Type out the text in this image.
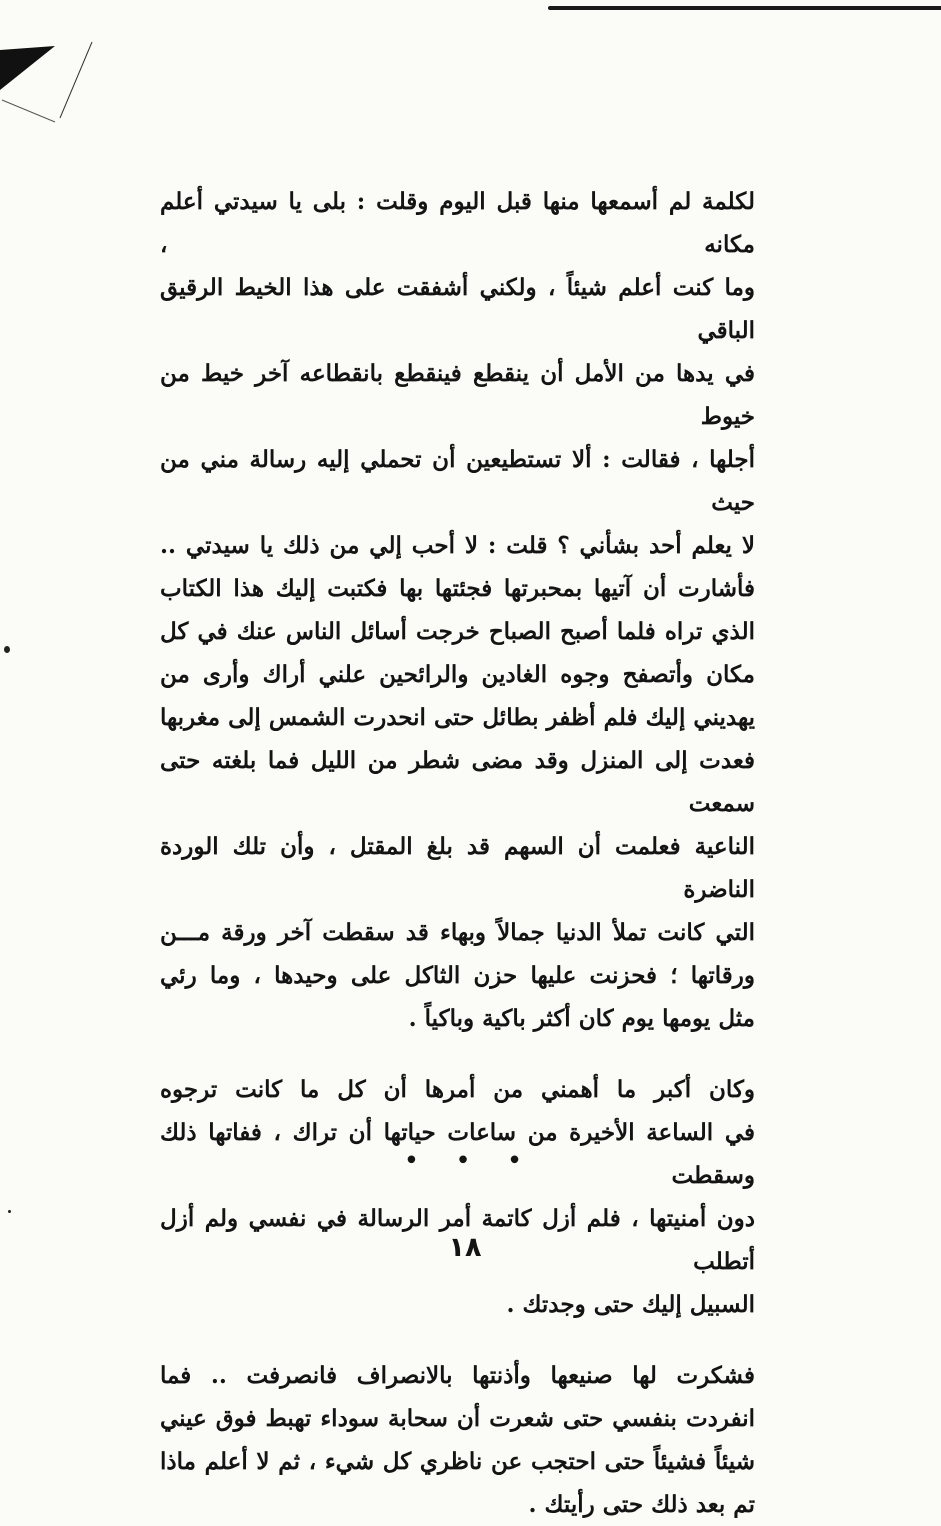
لكلمة لم أسمعها منها قبل اليوم وقلت : بلى يا سيدتي أعلم مكانه ،
وما كنت أعلم شيئاً ، ولكني أشفقت على هذا الخيط الرقيق الباقي
في يدها من الأمل أن ينقطع فينقطع بانقطاعه آخر خيط من خيوط
أجلها ، فقالت : ألا تستطيعين أن تحملي إليه رسالة مني من حيث
لا يعلم أحد بشأني ؟ قلت : لا أحب إلي من ذلك يا سيدتي ..
فأشارت أن آتيها بمحبرتها فجئتها بها فكتبت إليك هذا الكتاب
الذي تراه فلما أصبح الصباح خرجت أسائل الناس عنك في كل
مكان وأتصفح وجوه الغادين والرائحين علني أراك وأرى من
يهديني إليك فلم أظفر بطائل حتى انحدرت الشمس إلى مغربها
فعدت إلى المنزل وقد مضى شطر من الليل فما بلغته حتى سمعت
الناعية فعلمت أن السهم قد بلغ المقتل ، وأن تلك الوردة الناضرة
التي كانت تملأ الدنيا جمالاً وبهاء قد سقطت آخر ورقة مـــن
ورقاتها ؛ فحزنت عليها حزن الثاكل على وحيدها ، وما رئي
مثل يومها يوم كان أكثر باكية وباكياً .

وكان أكبر ما أهمني من أمرها أن كل ما كانت ترجوه
في الساعة الأخيرة من ساعات حياتها أن تراك ، ففاتها ذلك وسقطت
دون أمنيتها ، فلم أزل كاتمة أمر الرسالة في نفسي ولم أزل أتطلب
السبيل إليك حتى وجدتك .

فشكرت لها صنيعها وأذنتها بالانصراف فانصرفت .. فما
انفردت بنفسي حتى شعرت أن سحابة سوداء تهبط فوق عيني
شيئاً فشيئاً حتى احتجب عن ناظري كل شيء ، ثم لا أعلم ماذا
تم بعد ذلك حتى رأيتك .

• • •
١٨
